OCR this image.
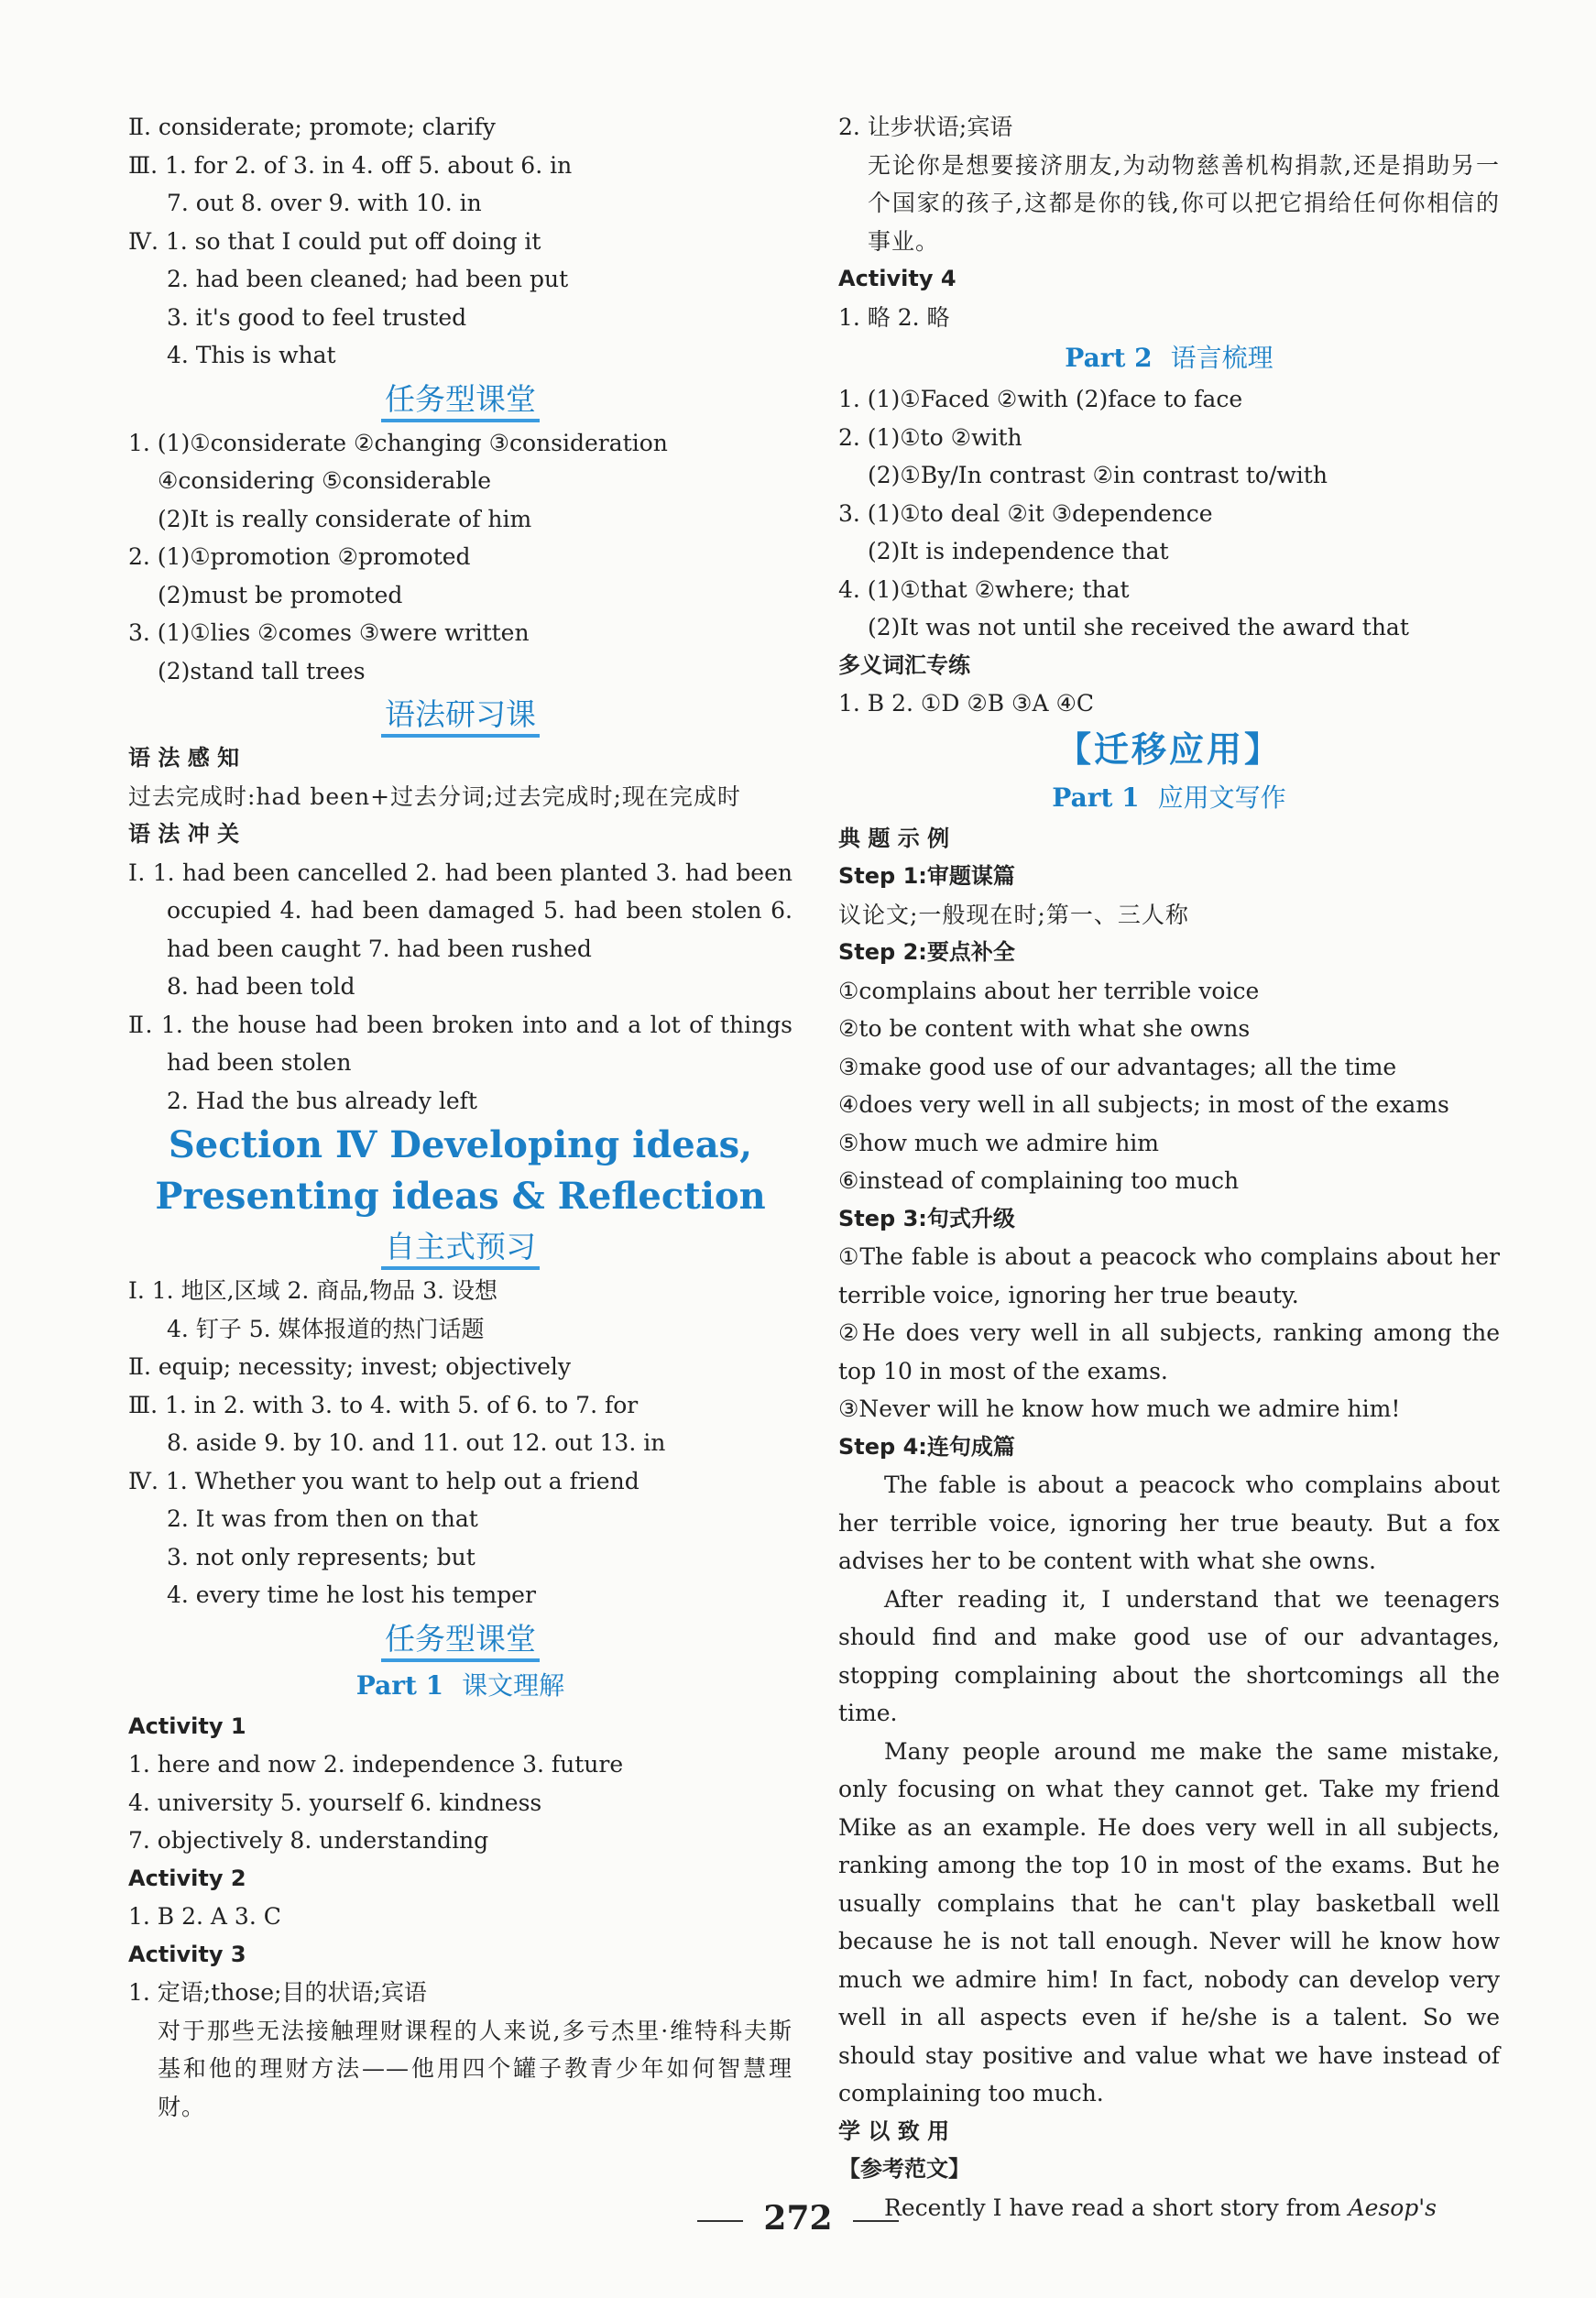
Ⅱ. considerate; promote; clarify
Ⅲ. 1. for 2. of 3. in 4. off 5. about 6. in
7. out 8. over 9. with 10. in
Ⅳ. 1. so that I could put off doing it
2. had been cleaned; had been put
3. it's good to feel trusted
4. This is what
任务型课堂
1. (1)①considerate ②changing ③consideration
④considering ⑤considerable
(2)It is really considerate of him
2. (1)①promotion ②promoted
(2)must be promoted
3. (1)①lies ②comes ③were written
(2)stand tall trees
语法研习课
语 法 感 知
过去完成时:had been+过去分词;过去完成时;现在完成时
语 法 冲 关
Ⅰ. 1. had been cancelled 2. had been planted 3. had been occupied 4. had been damaged 5. had been stolen 6. had been caught 7. had been rushed
8. had been told
Ⅱ. 1. the house had been broken into and a lot of things had been stolen
2. Had the bus already left
Section Ⅳ Developing ideas,
Presenting ideas & Reflection
自主式预习
Ⅰ. 1. 地区,区域 2. 商品,物品 3. 设想
4. 钉子 5. 媒体报道的热门话题
Ⅱ. equip; necessity; invest; objectively
Ⅲ. 1. in 2. with 3. to 4. with 5. of 6. to 7. for
8. aside 9. by 10. and 11. out 12. out 13. in
Ⅳ. 1. Whether you want to help out a friend
2. It was from then on that
3. not only represents; but
4. every time he lost his temper
任务型课堂
Part 1 课文理解
Activity 1
1. here and now 2. independence 3. future
4. university 5. yourself 6. kindness
7. objectively 8. understanding
Activity 2
1. B 2. A 3. C
Activity 3
1. 定语;those;目的状语;宾语
对于那些无法接触理财课程的人来说,多亏杰里·维特科夫斯基和他的理财方法——他用四个罐子教青少年如何智慧理财。
2. 让步状语;宾语
无论你是想要接济朋友,为动物慈善机构捐款,还是捐助另一个国家的孩子,这都是你的钱,你可以把它捐给任何你相信的事业。
Activity 4
1. 略 2. 略
Part 2 语言梳理
1. (1)①Faced ②with (2)face to face
2. (1)①to ②with
(2)①By/In contrast ②in contrast to/with
3. (1)①to deal ②it ③dependence
(2)It is independence that
4. (1)①that ②where; that
(2)It was not until she received the award that
多义词汇专练
1. B 2. ①D ②B ③A ④C
【迁移应用】
Part 1 应用文写作
典 题 示 例
Step 1:审题谋篇
议论文;一般现在时;第一、三人称
Step 2:要点补全
①complains about her terrible voice
②to be content with what she owns
③make good use of our advantages; all the time
④does very well in all subjects; in most of the exams
⑤how much we admire him
⑥instead of complaining too much
Step 3:句式升级
①The fable is about a peacock who complains about her terrible voice, ignoring her true beauty.
②He does very well in all subjects, ranking among the top 10 in most of the exams.
③Never will he know how much we admire him!
Step 4:连句成篇
The fable is about a peacock who complains about her terrible voice, ignoring her true beauty. But a fox advises her to be content with what she owns.
After reading it, I understand that we teenagers should find and make good use of our advantages, stopping complaining about the shortcomings all the time.
Many people around me make the same mistake, only focusing on what they cannot get. Take my friend Mike as an example. He does very well in all subjects, ranking among the top 10 in most of the exams. But he usually complains that he can't play basketball well because he is not tall enough. Never will he know how much we admire him! In fact, nobody can develop very well in all aspects even if he/she is a talent. So we should stay positive and value what we have instead of complaining too much.
学 以 致 用
【参考范文】
Recently I have read a short story from Aesop's
272
